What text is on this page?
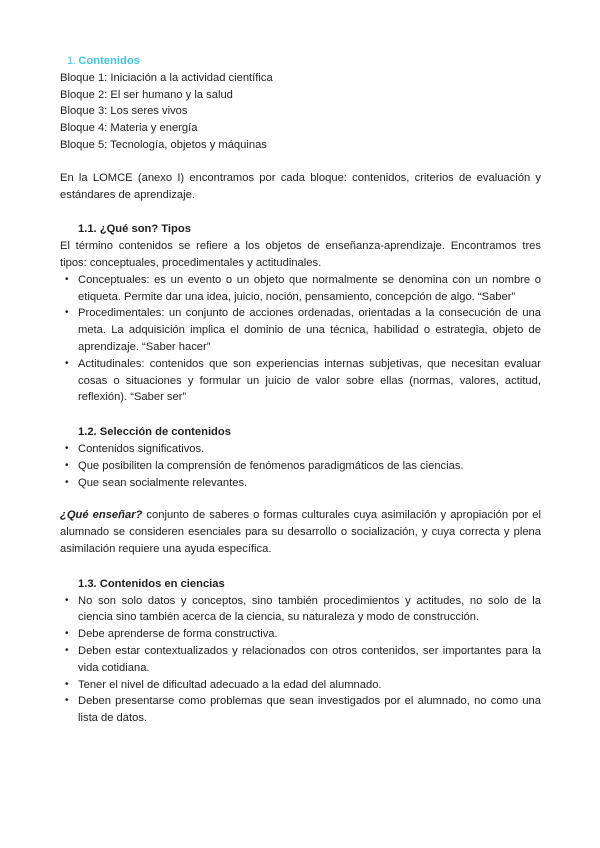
1. Contenidos
Bloque 1: Iniciación a la actividad científica
Bloque 2: El ser humano y la salud
Bloque 3: Los seres vivos
Bloque 4: Materia y energía
Bloque 5: Tecnología, objetos y máquinas

En la LOMCE (anexo I) encontramos por cada bloque: contenidos, criterios de evaluación y estándares de aprendizaje.

1.1. ¿Qué son? Tipos

El término contenidos se refiere a los objetos de enseñanza-aprendizaje. Encontramos tres tipos: conceptuales, procedimentales y actitudinales.

• Conceptuales: es un evento o un objeto que normalmente se denomina con un nombre o etiqueta. Permite dar una idea, juicio, noción, pensamiento, concepción de algo. “Saber”
• Procedimentales: un conjunto de acciones ordenadas, orientadas a la consecución de una meta. La adquisición implica el dominio de una técnica, habilidad o estrategia, objeto de aprendizaje. “Saber hacer”
• Actitudinales: contenidos que son experiencias internas subjetivas, que necesitan evaluar cosas o situaciones y formular un juicio de valor sobre ellas (normas, valores, actitud, reflexión). “Saber ser”
1.2. Selección de contenidos
• Contenidos significativos.
• Que posibiliten la comprensión de fenómenos paradigmáticos de las ciencias.
• Que sean socialmente relevantes.

¿Qué enseñar? conjunto de saberes o formas culturales cuya asimilación y apropiación por el alumnado se consideren esenciales para su desarrollo o socialización, y cuya correcta y plena asimilación requiere una ayuda específica.

1.3. Contenidos en ciencias
• No son solo datos y conceptos, sino también procedimientos y actitudes, no solo de la ciencia sino también acerca de la ciencia, su naturaleza y modo de construcción.
• Debe aprenderse de forma constructiva.
• Deben estar contextualizados y relacionados con otros contenidos, ser importantes para la vida cotidiana.
• Tener el nivel de dificultad adecuado a la edad del alumnado.
• Deben presentarse como problemas que sean investigados por el alumnado, no como una lista de datos.
